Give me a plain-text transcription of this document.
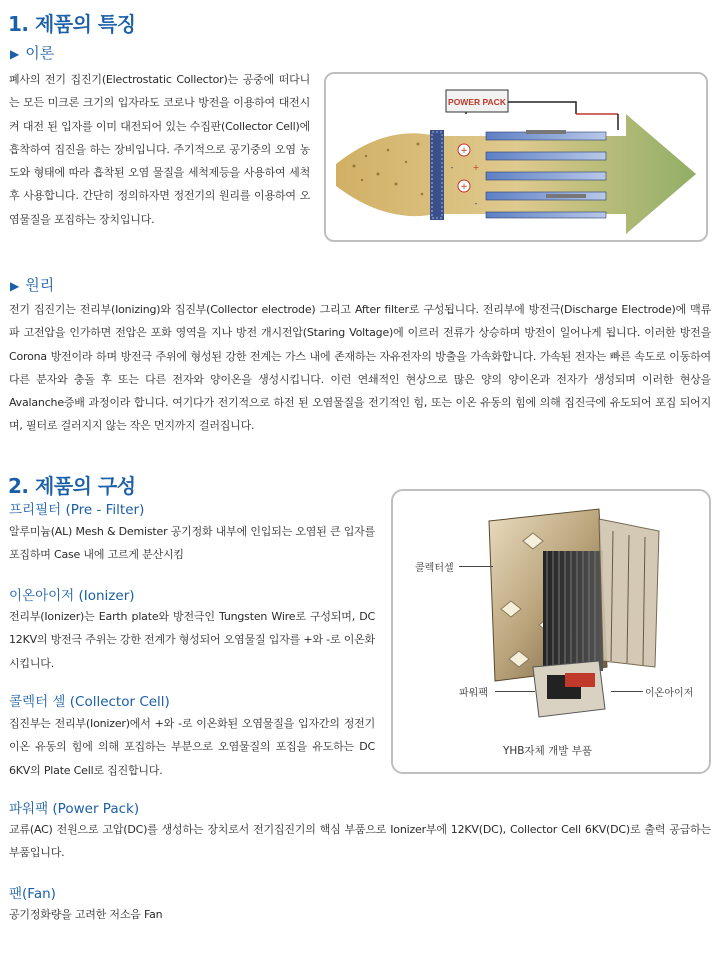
1. 제품의 특징
▶ 이론
폐사의 전기 집진기(Electrostatic Collector)는 공중에 떠다니는 모든 미크론 크기의 입자라도 코로나 방전을 이용하여 대전시켜 대전 된 입자를 이미 대전되어 있는 수집판(Collector Cell)에 흡착하여 집진을 하는 장비입니다. 주기적으로 공기중의 오염 농도와 형태에 따라 흡착된 오염 물질을 세척제등을 사용하여 세척 후 사용합니다. 간단히 정의하자면 정전기의 원리를 이용하여 오염물질을 포집하는 장치입니다.
POWER PACK
+
+
+
-
-
▶ 원리
전기 집진기는 전리부(Ionizing)와 집진부(Collector electrode) 그리고 After filter로 구성됩니다. 전리부에 방전극(Discharge Electrode)에 맥류파 고전압을 인가하면 전압은 포화 영역을 지나 방전 개시전압(Staring Voltage)에 이르러 전류가 상승하며 방전이 일어나게 됩니다. 이러한 방전을 Corona 방전이라 하며 방전극 주위에 형성된 강한 전계는 가스 내에 존재하는 자유전자의 방출을 가속화합니다. 가속된 전자는 빠른 속도로 이동하여 다른 분자와 충돌 후 또는 다른 전자와 양이온을 생성시킵니다. 이런 연쇄적인 현상으로 많은 양의 양이온과 전자가 생성되며 이러한 현상을 Avalanche증배 과정이라 합니다. 여기다가 전기적으로 하전 된 오염물질을 전기적인 힘, 또는 이온 유동의 힘에 의해 집진극에 유도되어 포집 되어지며, 필터로 걸러지지 않는 작은 먼지까지 걸러집니다.
2. 제품의 구성
프리필터 (Pre - Filter)
알루미늄(AL) Mesh & Demister 공기정화 내부에 인입되는 오염된 큰 입자를 포집하며 Case 내에 고르게 분산시킴
이온아이저 (Ionizer)
전리부(Ionizer)는 Earth plate와 방전극인 Tungsten Wire로 구성되며, DC 12KV의 방전극 주위는 강한 전계가 형성되어 오염물질 입자를 +와 -로 이온화 시킵니다.
콜렉터 셀 (Collector Cell)
집진부는 전리부(Ionizer)에서 +와 -로 이온화된 오염물질을 입자간의 정전기 이온 유동의 힘에 의해 포집하는 부분으로 오염물질의 포집을 유도하는 DC 6KV의 Plate Cell로 집진합니다.
파워팩 (Power Pack)
교류(AC) 전원으로 고압(DC)를 생성하는 장치로서 전기집진기의 핵심 부품으로 Ionizer부에 12KV(DC), Collector Cell 6KV(DC)로 출력 공급하는 부품입니다.
팬(Fan)
공기정화량을 고려한 저소음 Fan
콜렉터셀
파워팩	이온아이저
YHB자체 개발 부품
